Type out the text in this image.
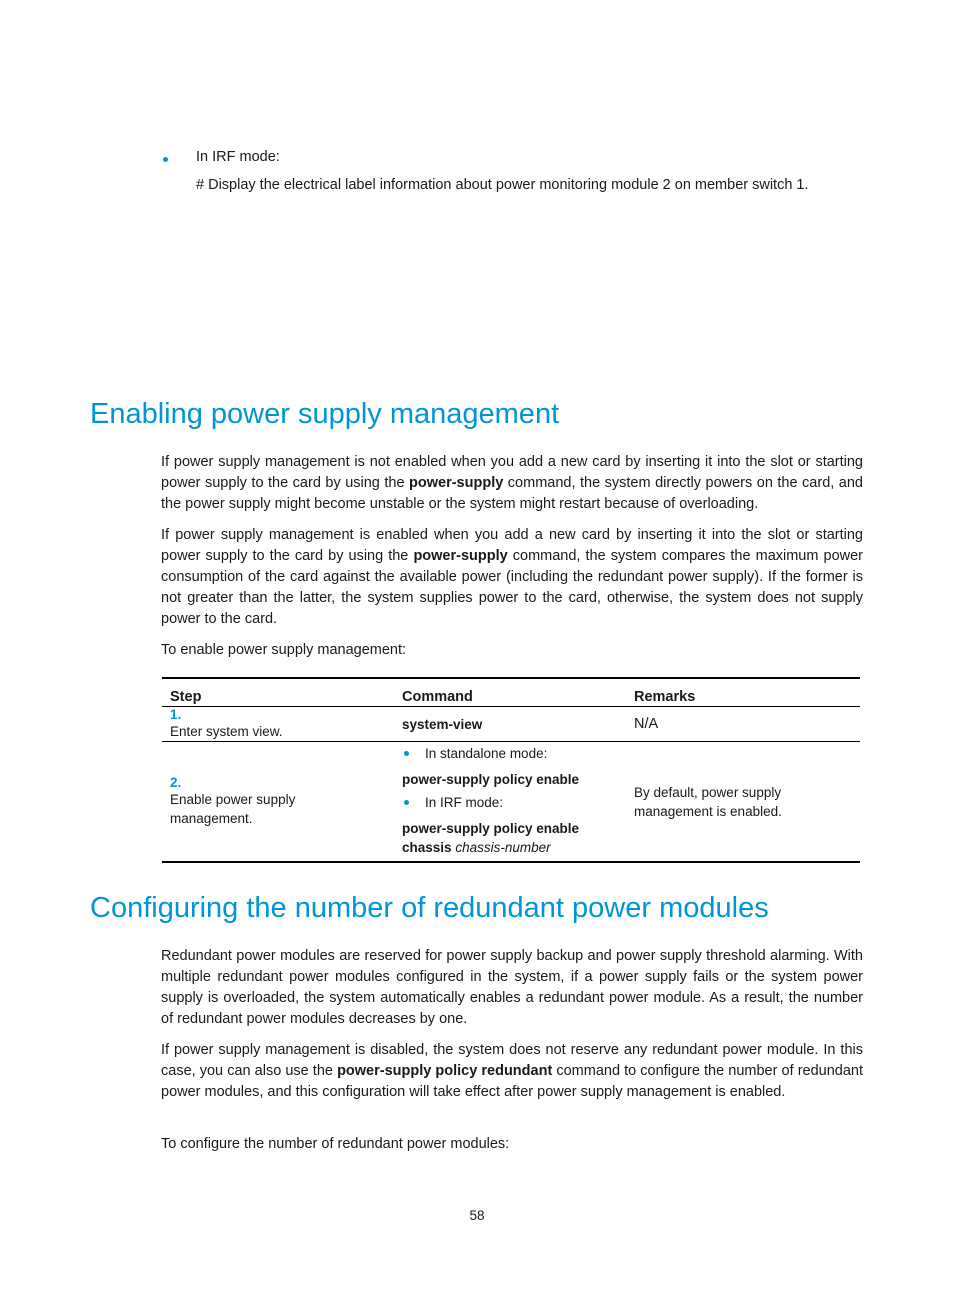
In IRF mode:
# Display the electrical label information about power monitoring module 2 on member switch 1.
Enabling power supply management

If power supply management is not enabled when you add a new card by inserting it into the slot or starting power supply to the card by using the power-supply command, the system directly powers on the card, and the power supply might become unstable or the system might restart because of overloading.

If power supply management is enabled when you add a new card by inserting it into the slot or starting power supply to the card by using the power-supply command, the system compares the maximum power consumption of the card against the available power (including the redundant power supply). If the former is not greater than the latter, the system supplies power to the card, otherwise, the system does not supply power to the card.

To enable power supply management:

Step	Command	Remarks
1.Enter system view.	system-view	N/A
2.Enable power supply management.	In standalone mode:
power-supply policy enable
In IRF mode:
power-supply policy enable
chassis chassis-number	By default, power supply management is enabled.
Configuring the number of redundant power modules

Redundant power modules are reserved for power supply backup and power supply threshold alarming. With multiple redundant power modules configured in the system, if a power supply fails or the system power supply is overloaded, the system automatically enables a redundant power module. As a result, the number of redundant power modules decreases by one.

If power supply management is disabled, the system does not reserve any redundant power module. In this case, you can also use the power-supply policy redundant command to configure the number of redundant power modules, and this configuration will take effect after power supply management is enabled.

To configure the number of redundant power modules:

58
